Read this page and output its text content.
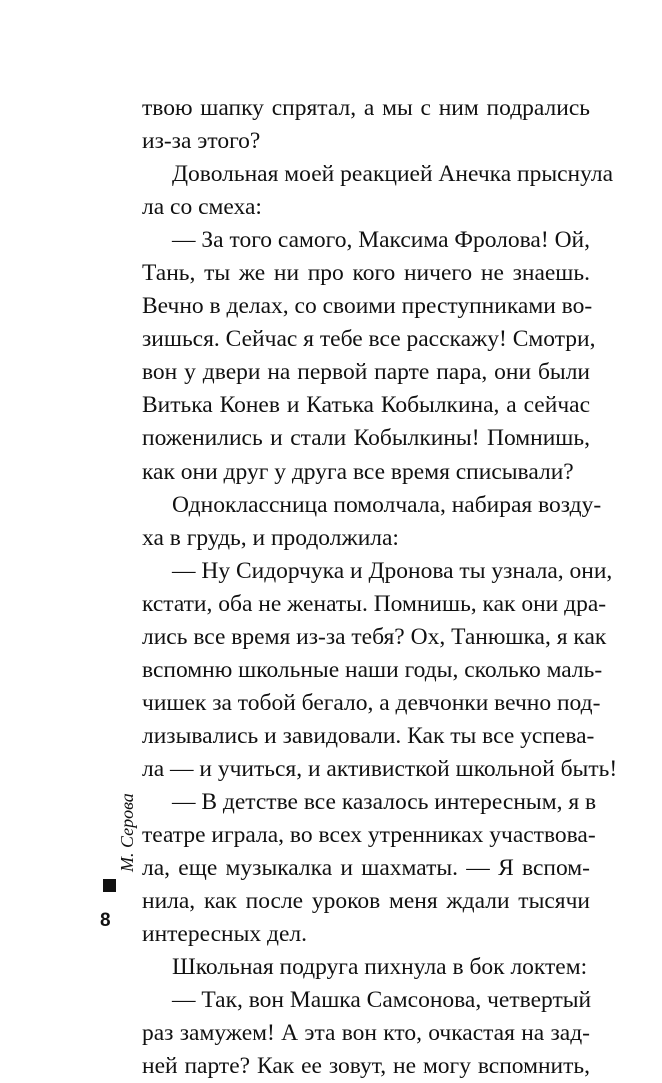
твою шапку спрятал, а мы с ним подрались
из-за этого?
Довольная моей реакцией Анечка прыснула
ла со смеха:
— За того самого, Максима Фролова! Ой,
Тань, ты же ни про кого ничего не знаешь.
Вечно в делах, со своими преступниками во-
зишься. Сейчас я тебе все расскажу! Смотри,
вон у двери на первой парте пара, они были
Витька Конев и Катька Кобылкина, а сейчас
поженились и стали Кобылкины! Помнишь,
как они друг у друга все время списывали?
Одноклассница помолчала, набирая возду-
ха в грудь, и продолжила:
— Ну Сидорчука и Дронова ты узнала, они,
кстати, оба не женаты. Помнишь, как они дра-
лись все время из-за тебя? Ох, Танюшка, я как
вспомню школьные наши годы, сколько маль-
чишек за тобой бегало, а девчонки вечно под-
лизывались и завидовали. Как ты все успева-
ла — и учиться, и активисткой школьной быть!
— В детстве все казалось интересным, я в
театре играла, во всех утренниках участвова-
ла, еще музыкалка и шахматы. — Я вспом-
нила, как после уроков меня ждали тысячи
интересных дел.
Школьная подруга пихнула в бок локтем:
— Так, вон Машка Самсонова, четвертый
раз замужем! А эта вон кто, очкастая на зад-
ней парте? Как ее зовут, не могу вспомнить,
М. Серова
8
